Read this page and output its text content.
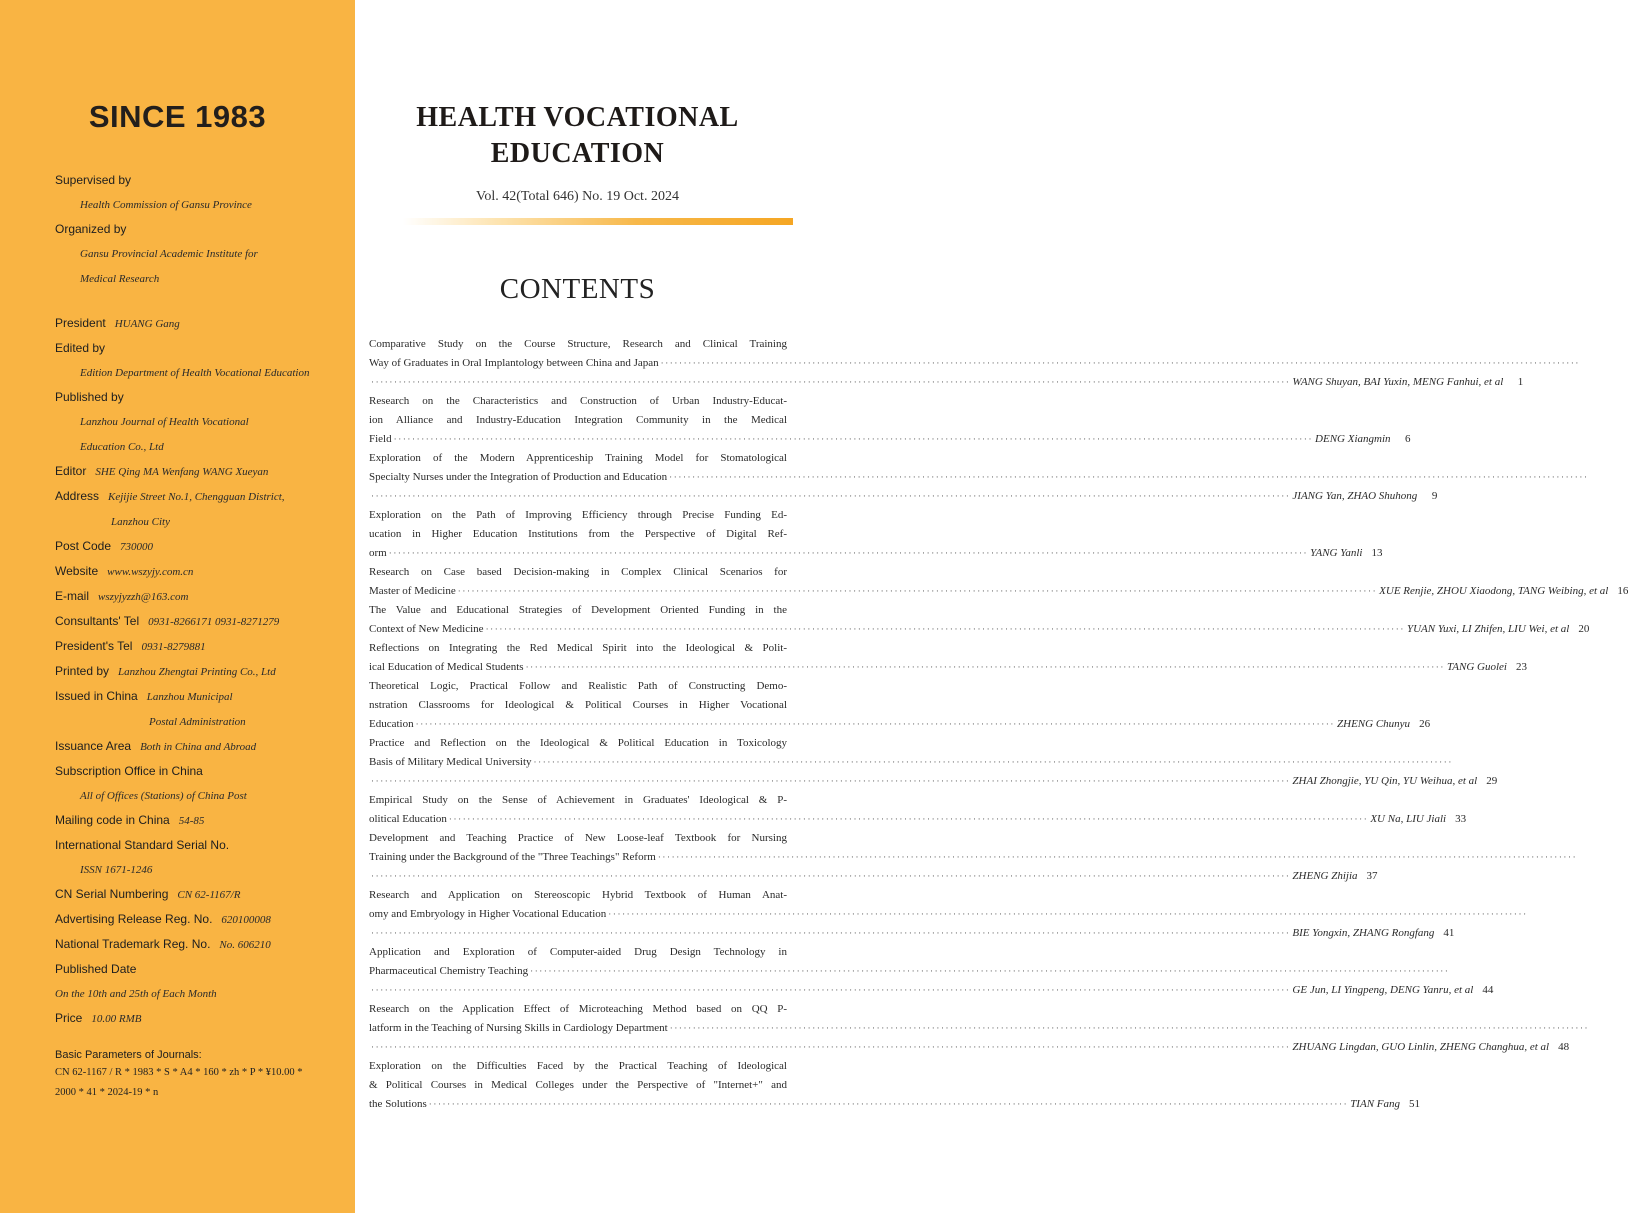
SINCE 1983
Supervised by
Health Commission of Gansu Province
Organized by
Gansu Provincial Academic Institute for
Medical Research
President HUANG Gang
Edited by
Edition Department of Health Vocational Education
Published by
Lanzhou Journal of Health Vocational
Education Co., Ltd
Editor SHE Qing MA Wenfang WANG Xueyan
Address Kejijie Street No.1, Chengguan District,
Lanzhou City
Post Code 730000
Website www.wszyjy.com.cn
E-mail wszyjyzzh@163.com
Consultants' Tel 0931-8266171 0931-8271279
President's Tel 0931-8279881
Printed by Lanzhou Zhengtai Printing Co., Ltd
Issued in China Lanzhou Municipal
Postal Administration
Issuance Area Both in China and Abroad
Subscription Office in China
All of Offices (Stations) of China Post
Mailing code in China 54-85
International Standard Serial No.
ISSN 1671-1246
CN Serial Numbering CN 62-1167/R
Advertising Release Reg. No. 620100008
National Trademark Reg. No. No. 606210
Published Date
On the 10th and 25th of Each Month
Price 10.00 RMB
Basic Parameters of Journals:
CN 62-1167 / R * 1983 * S * A4 * 160 * zh * P * ¥10.00 *
2000 * 41 * 2024-19 * n
HEALTH VOCATIONAL
EDUCATION
Vol. 42(Total 646) No. 19 Oct. 2024
CONTENTS
Comparative Study on the Course Structure, Research and Clinical Training
Way of Graduates in Oral Implantology between China and Japan ········································································································································································································
········································································································································································································ WANG Shuyan, BAI Yuxin, MENG Fanhui, et al	1
Research on the Characteristics and Construction of Urban Industry-Educat-
ion Alliance and Industry-Education Integration Community in the Medical
Field ········································································································································································································ DENG Xiangmin	6
Exploration of the Modern Apprenticeship Training Model for Stomatological
Specialty Nurses under the Integration of Production and Education ········································································································································································································
········································································································································································································ JIANG Yan, ZHAO Shuhong	9
Exploration on the Path of Improving Efficiency through Precise Funding Ed-
ucation in Higher Education Institutions from the Perspective of Digital Ref-
orm ········································································································································································································ YANG Yanli 13
Research on Case based Decision-making in Complex Clinical Scenarios for
Master of Medicine ········································································································································································································ XUE Renjie, ZHOU Xiaodong, TANG Weibing, et al 16
The Value and Educational Strategies of Development Oriented Funding in the
Context of New Medicine ········································································································································································································ YUAN Yuxi, LI Zhifen, LIU Wei, et al 20
Reflections on Integrating the Red Medical Spirit into the Ideological & Polit-
ical Education of Medical Students ········································································································································································································ TANG Guolei 23
Theoretical Logic, Practical Follow and Realistic Path of Constructing Demo-
nstration Classrooms for Ideological & Political Courses in Higher Vocational
Education ········································································································································································································ ZHENG Chunyu 26
Practice and Reflection on the Ideological & Political Education in Toxicology
Basis of Military Medical University ········································································································································································································
········································································································································································································ ZHAI Zhongjie, YU Qin, YU Weihua, et al 29
Empirical Study on the Sense of Achievement in Graduates' Ideological & P-
olitical Education ········································································································································································································ XU Na, LIU Jiali 33
Development and Teaching Practice of New Loose-leaf Textbook for Nursing
Training under the Background of the "Three Teachings" Reform ········································································································································································································
········································································································································································································ ZHENG Zhijia 37
Research and Application on Stereoscopic Hybrid Textbook of Human Anat-
omy and Embryology in Higher Vocational Education ········································································································································································································
········································································································································································································ BIE Yongxin, ZHANG Rongfang 41
Application and Exploration of Computer-aided Drug Design Technology in
Pharmaceutical Chemistry Teaching ········································································································································································································
········································································································································································································ GE Jun, LI Yingpeng, DENG Yanru, et al 44
Research on the Application Effect of Microteaching Method based on QQ P-
latform in the Teaching of Nursing Skills in Cardiology Department ········································································································································································································
········································································································································································································ ZHUANG Lingdan, GUO Linlin, ZHENG Changhua, et al 48
Exploration on the Difficulties Faced by the Practical Teaching of Ideological
& Political Courses in Medical Colleges under the Perspective of "Internet+" and
the Solutions ········································································································································································································ TIAN Fang 51
